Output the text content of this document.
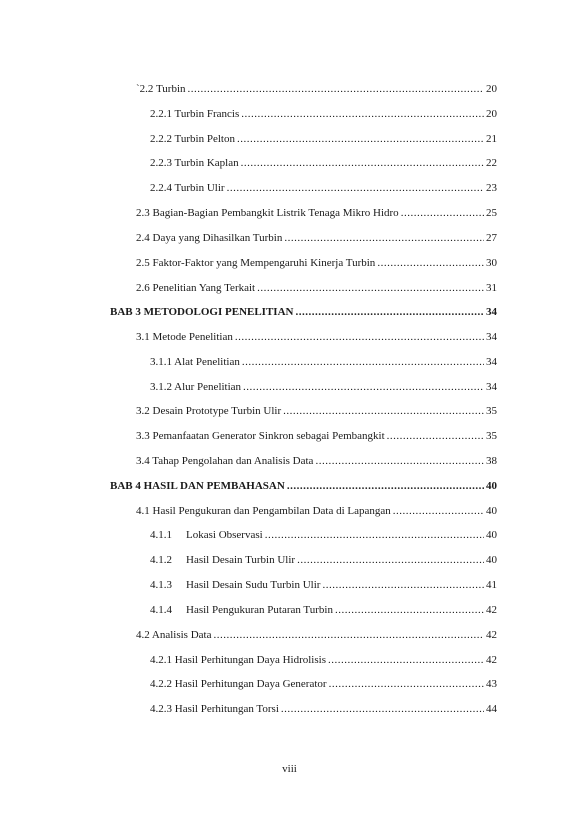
`2.2 Turbin .....	20
2.2.1 Turbin Francis .....	20
2.2.2 Turbin Pelton .....	21
2.2.3 Turbin Kaplan .....	22
2.2.4 Turbin Ulir .....	23
2.3 Bagian-Bagian Pembangkit Listrik Tenaga Mikro Hidro .....	25
2.4 Daya yang Dihasilkan Turbin .....	27
2.5 Faktor-Faktor yang Mempengaruhi Kinerja Turbin .....	30
2.6 Penelitian Yang Terkait .....	31
BAB 3 METODOLOGI PENELITIAN .....	34
3.1 Metode Penelitian .....	34
3.1.1 Alat Penelitian .....	34
3.1.2 Alur Penelitian .....	34
3.2 Desain Prototype Turbin Ulir .....	35
3.3 Pemanfaatan Generator Sinkron sebagai Pembangkit .....	35
3.4 Tahap Pengolahan dan Analisis Data .....	38
BAB 4 HASIL DAN PEMBAHASAN .....	40
4.1 Hasil Pengukuran dan Pengambilan Data di Lapangan .....	40
4.1.1 Lokasi Observasi .....	40
4.1.2 Hasil Desain Turbin Ulir .....	40
4.1.3 Hasil Desain Sudu Turbin Ulir .....	41
4.1.4 Hasil Pengukuran Putaran Turbin .....	42
4.2 Analisis Data .....	42
4.2.1 Hasil Perhitungan Daya Hidrolisis .....	42
4.2.2 Hasil Perhitungan Daya Generator .....	43
4.2.3 Hasil Perhitungan Torsi .....	44
viii
